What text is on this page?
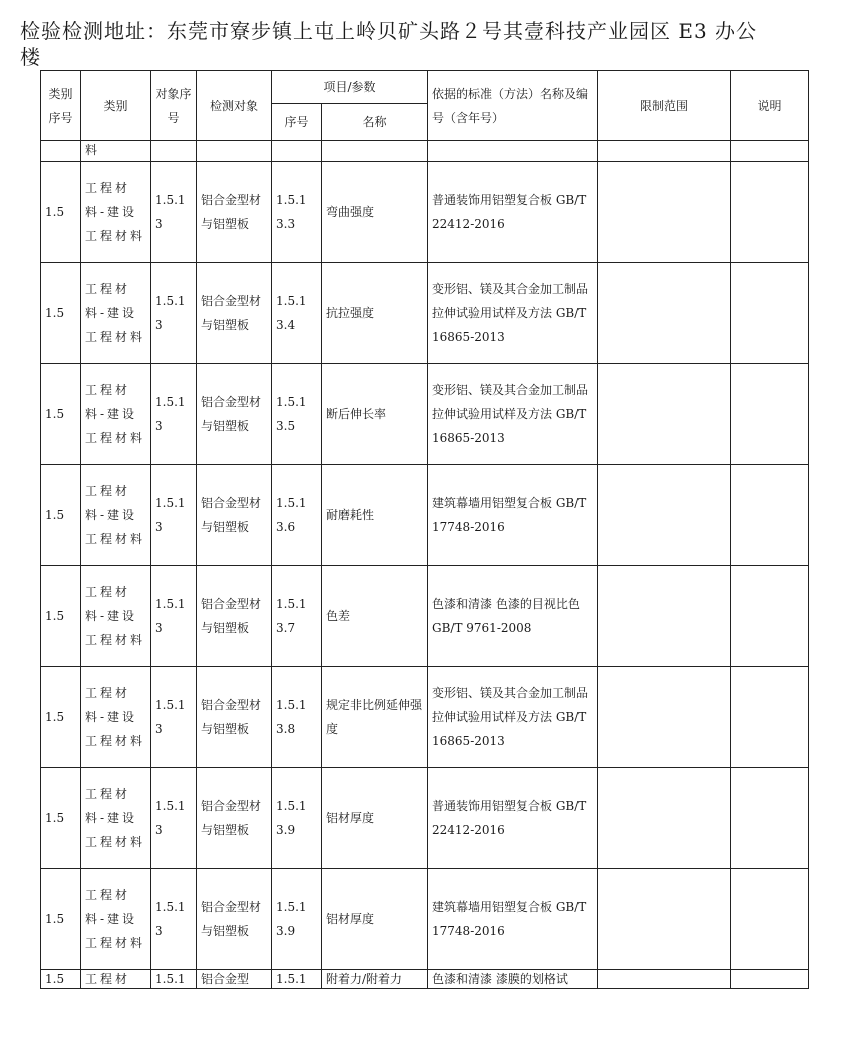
检验检测地址：东莞市寮步镇上屯上岭贝矿头路２号其壹科技产业园区 E3 办公楼
类别序号	类别	对象序号	检测对象	项目/参数		依据的标准（方法）名称及编号（含年号）	限制范围	说明
				序号	名称			
	料							
1.5	工程材料-建设工程材料	1.5.13	铝合金型材与铝塑板	1.5.13.3	弯曲强度	普通装饰用铝塑复合板 GB/T 22412-2016		
1.5	工程材料-建设工程材料	1.5.13	铝合金型材与铝塑板	1.5.13.4	抗拉强度	变形铝、镁及其合金加工制品拉伸试验用试样及方法 GB/T 16865-2013		
1.5	工程材料-建设工程材料	1.5.13	铝合金型材与铝塑板	1.5.13.5	断后伸长率	变形铝、镁及其合金加工制品拉伸试验用试样及方法 GB/T 16865-2013		
1.5	工程材料-建设工程材料	1.5.13	铝合金型材与铝塑板	1.5.13.6	耐磨耗性	建筑幕墙用铝塑复合板 GB/T 17748-2016		
1.5	工程材料-建设工程材料	1.5.13	铝合金型材与铝塑板	1.5.13.7	色差	色漆和清漆 色漆的目视比色 GB/T 9761-2008		
1.5	工程材料-建设工程材料	1.5.13	铝合金型材与铝塑板	1.5.13.8	规定非比例延伸强度	变形铝、镁及其合金加工制品拉伸试验用试样及方法 GB/T 16865-2013		
1.5	工程材料-建设工程材料	1.5.13	铝合金型材与铝塑板	1.5.13.9	铝材厚度	普通装饰用铝塑复合板 GB/T 22412-2016		
1.5	工程材料-建设工程材料	1.5.13	铝合金型材与铝塑板	1.5.13.9	铝材厚度	建筑幕墙用铝塑复合板 GB/T 17748-2016		
1.5	工程材	1.5.1	铝合金型	1.5.1	附着力/附着力	色漆和清漆 漆膜的划格试		
